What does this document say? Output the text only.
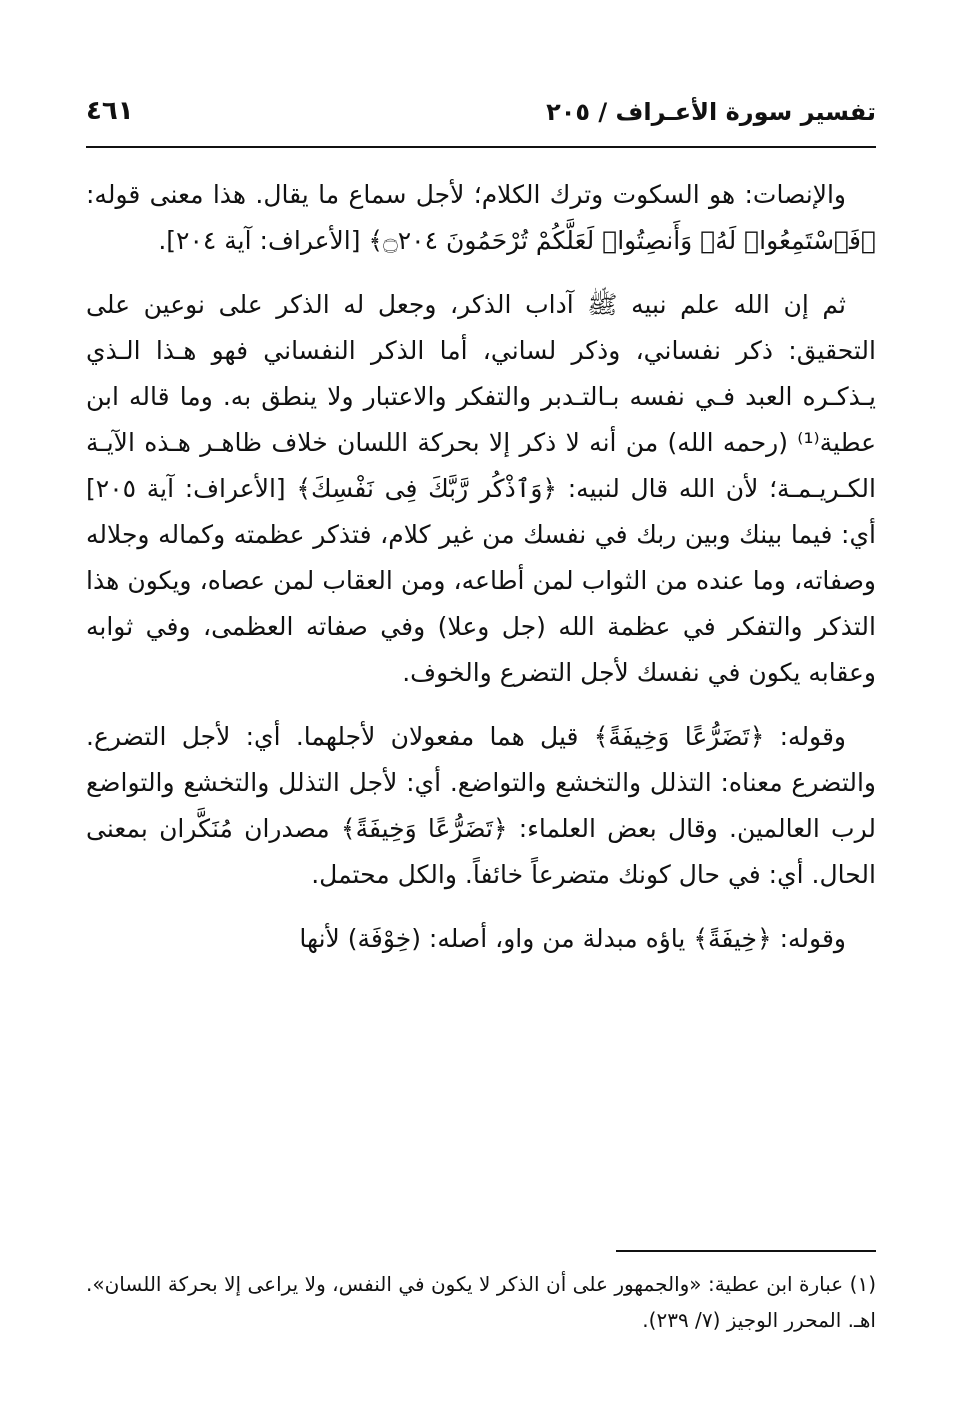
تفسير سورة الأعـراف / ٢٠٥
٤٦١

والإنصات: هو السكوت وترك الكلام؛ لأجل سماع ما يقال. هذا معنى قوله: ﴿فَٱسْتَمِعُوا۟ لَهُۥ وَأَنصِتُوا۟ لَعَلَّكُمْ تُرْحَمُونَ ۝٢٠٤﴾ [الأعراف: آية ٢٠٤].

ثم إن الله علم نبيه ﷺ آداب الذكر، وجعل له الذكر على نوعين على التحقيق: ذكر نفساني، وذكر لساني، أما الذكر النفساني فهو هـذا الـذي يـذكـره العبد فـي نفسه بـالتـدبر والتفكر والاعتبار ولا ينطق به. وما قاله ابن عطية⁽¹⁾ (رحمه الله) من أنه لا ذكر إلا بحركة اللسان خلاف ظاهـر هـذه الآيـة الكـريـمـة؛ لأن الله قال لنبيه: ﴿وَٱذْكُر رَّبَّكَ فِى نَفْسِكَ﴾ [الأعراف: آية ٢٠٥] أي: فيما بينك وبين ربك في نفسك من غير كلام، فتذكر عظمته وكماله وجلاله وصفاته، وما عنده من الثواب لمن أطاعه، ومن العقاب لمن عصاه، ويكون هذا التذكر والتفكر في عظمة الله (جل وعلا) وفي صفاته العظمى، وفي ثوابه وعقابه يكون في نفسك لأجل التضرع والخوف.

وقوله: ﴿تَضَرُّعًا وَخِيفَةً﴾ قيل هما مفعولان لأجلهما. أي: لأجل التضرع. والتضرع معناه: التذلل والتخشع والتواضع. أي: لأجل التذلل والتخشع والتواضع لرب العالمين. وقال بعض العلماء: ﴿تَضَرُّعًا وَخِيفَةً﴾ مصدران مُنَكَّران بمعنى الحال. أي: في حال كونك متضرعاً خائفاً. والكل محتمل.

وقوله: ﴿خِيفَةً﴾ ياؤه مبدلة من واو، أصله: (خِوْفَة) لأنها

(١) عبارة ابن عطية: «والجمهور على أن الذكر لا يكون في النفس، ولا يراعى إلا بحركة اللسان». اهـ. المحرر الوجيز (٧/ ٢٣٩).
